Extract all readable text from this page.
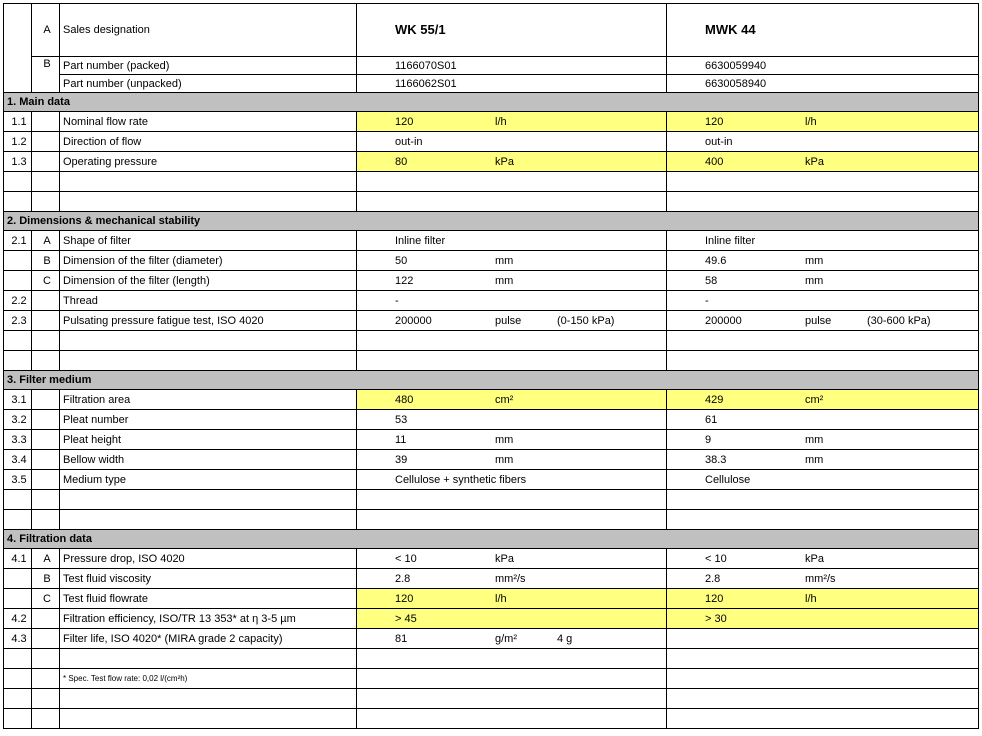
	A	Sales designation	WK 55/1	MWK 44
	B	Part number (packed)	1166070S01	6630059940
		Part number (unpacked)	1166062S01	6630058940
1. Main data				
1.1		Nominal flow rate	120 l/h	120 l/h

1.2		Direction of flow	out-in	out-in

1.3		Operating pressure	80 kPa	400 kPa

2. Dimensions & mechanical stability				
2.1	A	Shape of filter	Inline filter	Inline filter

	B	Dimension of the filter (diameter)	50 mm	49.6 mm

	C	Dimension of the filter (length)	122 mm	58 mm

2.2		Thread	-	-

2.3		Pulsating pressure fatigue test, ISO 4020	200000 pulse (0-150 kPa)	200000 pulse (30-600 kPa)

3. Filter medium				
3.1		Filtration area	480 cm²	429 cm²

3.2		Pleat number	53	61

3.3		Pleat height	11 mm	9 mm

3.4		Bellow width	39 mm	38.3 mm

3.5		Medium type	Cellulose + synthetic fibers	Cellulose

4. Filtration data				
4.1	A	Pressure drop, ISO 4020	< 10 kPa	< 10 kPa

	B	Test fluid viscosity	2.8 mm²/s	2.8 mm²/s

	C	Test fluid flowrate	120 l/h	120 l/h

4.2		Filtration efficiency, ISO/TR 13 353* at η 3-5 µm	> 45	> 30

4.3		Filter life, ISO 4020* (MIRA grade 2 capacity)	81 g/m² 4 g	

		* Spec. Test flow rate: 0,02 l/(cm²h)		
